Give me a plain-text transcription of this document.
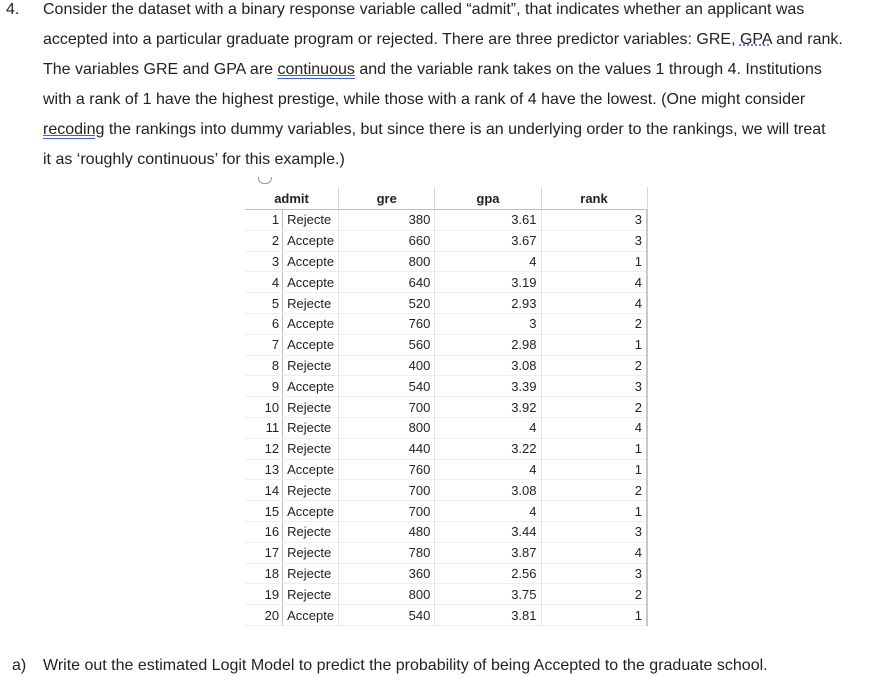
4. Consider the dataset with a binary response variable called “admit”, that indicates whether an applicant was
accepted into a particular graduate program or rejected. There are three predictor variables: GRE, GPA and rank.
The variables GRE and GPA are continuous and the variable rank takes on the values 1 through 4. Institutions
with a rank of 1 have the highest prestige, while those with a rank of 4 have the lowest. (One might consider
recoding the rankings into dummy variables, but since there is an underlying order to the rankings, we will treat
it as ‘roughly continuous’ for this example.)
admit		gre	gpa	rank
1	Rejecte	380	3.61	3
2	Accepte	660	3.67	3
3	Accepte	800	4	1
4	Accepte	640	3.19	4
5	Rejecte	520	2.93	4
6	Accepte	760	3	2
7	Accepte	560	2.98	1
8	Rejecte	400	3.08	2
9	Accepte	540	3.39	3
10	Rejecte	700	3.92	2
11	Rejecte	800	4	4
12	Rejecte	440	3.22	1
13	Accepte	760	4	1
14	Rejecte	700	3.08	2
15	Accepte	700	4	1
16	Rejecte	480	3.44	3
17	Rejecte	780	3.87	4
18	Rejecte	360	2.56	3
19	Rejecte	800	3.75	2
20	Accepte	540	3.81	1
a) Write out the estimated Logit Model to predict the probability of being Accepted to the graduate school.
